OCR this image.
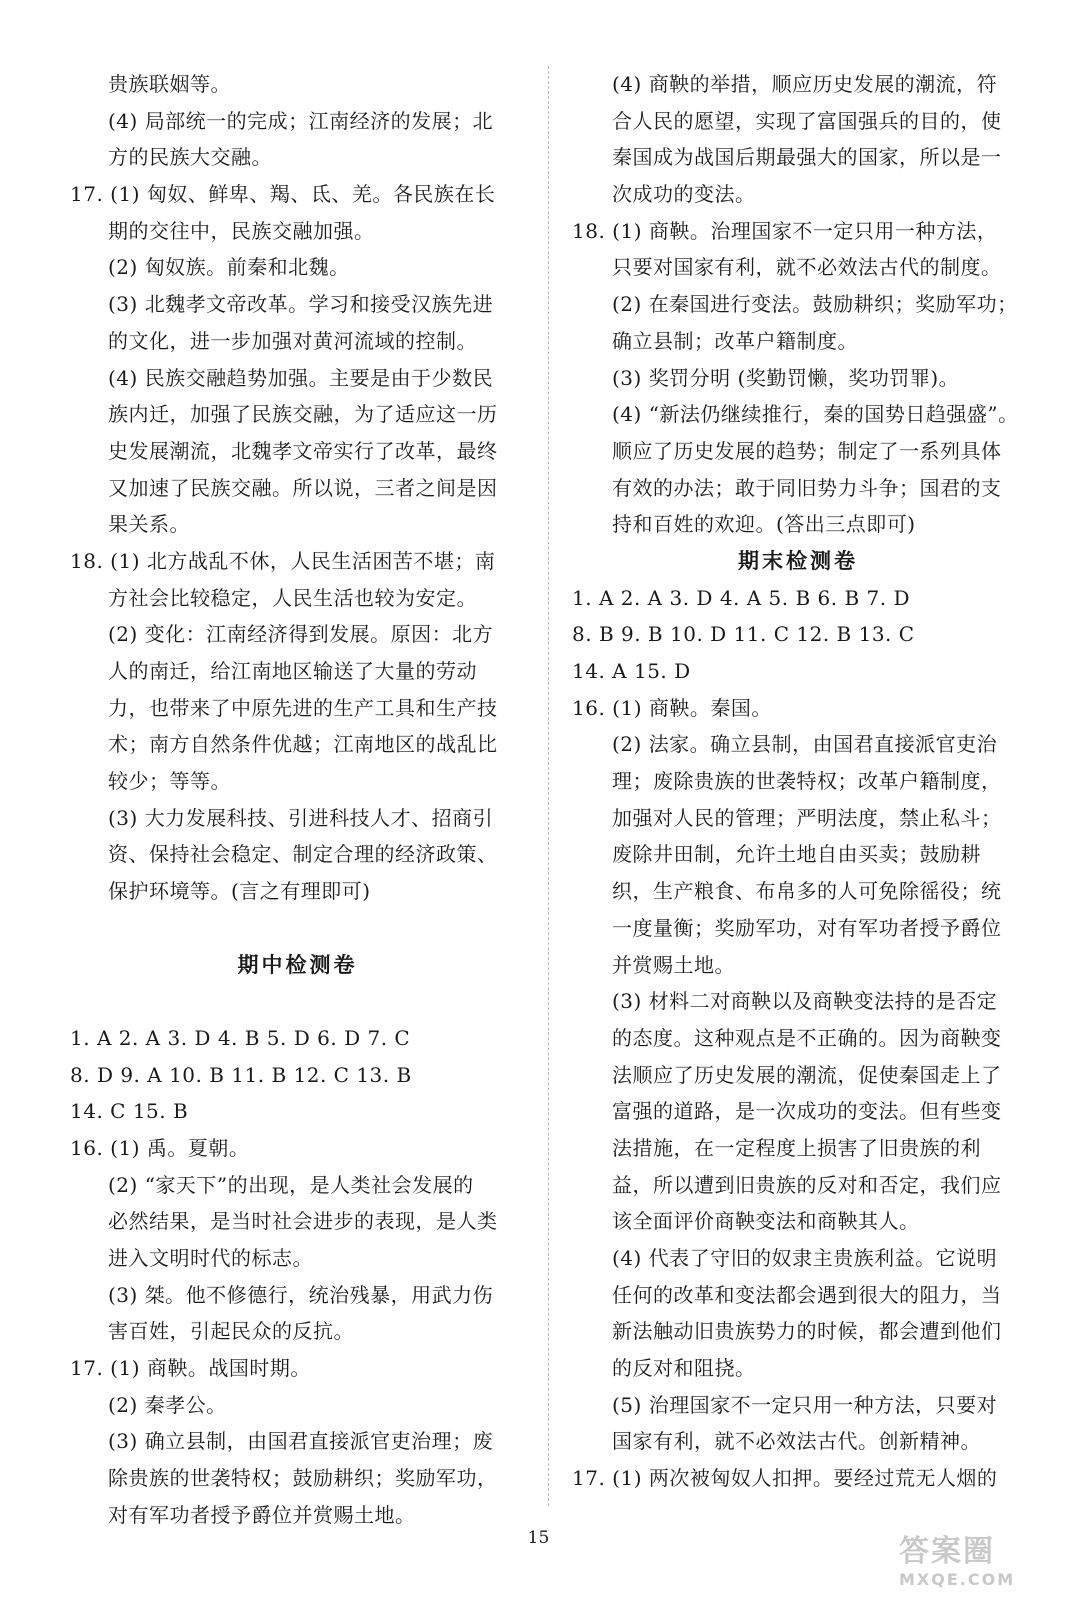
贵族联姻等。
(4) 局部统一的完成；江南经济的发展；北
方的民族大交融。
17. (1) 匈奴、鲜卑、羯、氐、羌。各民族在长
期的交往中，民族交融加强。
(2) 匈奴族。前秦和北魏。
(3) 北魏孝文帝改革。学习和接受汉族先进
的文化，进一步加强对黄河流域的控制。
(4) 民族交融趋势加强。主要是由于少数民
族内迁，加强了民族交融，为了适应这一历
史发展潮流，北魏孝文帝实行了改革，最终
又加速了民族交融。所以说，三者之间是因
果关系。
18. (1) 北方战乱不休，人民生活困苦不堪；南
方社会比较稳定，人民生活也较为安定。
(2) 变化：江南经济得到发展。原因：北方
人的南迁，给江南地区输送了大量的劳动
力，也带来了中原先进的生产工具和生产技
术；南方自然条件优越；江南地区的战乱比
较少；等等。
(3) 大力发展科技、引进科技人才、招商引
资、保持社会稳定、制定合理的经济政策、
保护环境等。(言之有理即可)
期中检测卷
1. A 2. A 3. D 4. B 5. D 6. D 7. C
8. D 9. A 10. B 11. B 12. C 13. B
14. C 15. B
16. (1) 禹。夏朝。
(2) “家天下”的出现，是人类社会发展的
必然结果，是当时社会进步的表现，是人类
进入文明时代的标志。
(3) 桀。他不修德行，统治残暴，用武力伤
害百姓，引起民众的反抗。
17. (1) 商鞅。战国时期。
(2) 秦孝公。
(3) 确立县制，由国君直接派官吏治理；废
除贵族的世袭特权；鼓励耕织；奖励军功，
对有军功者授予爵位并赏赐土地。
(4) 商鞅的举措，顺应历史发展的潮流，符
合人民的愿望，实现了富国强兵的目的，使
秦国成为战国后期最强大的国家，所以是一
次成功的变法。
18. (1) 商鞅。治理国家不一定只用一种方法，
只要对国家有利，就不必效法古代的制度。
(2) 在秦国进行变法。鼓励耕织；奖励军功；
确立县制；改革户籍制度。
(3) 奖罚分明 (奖勤罚懒，奖功罚罪)。
(4) “新法仍继续推行，秦的国势日趋强盛”。
顺应了历史发展的趋势；制定了一系列具体
有效的办法；敢于同旧势力斗争；国君的支
持和百姓的欢迎。(答出三点即可)
期末检测卷
1. A 2. A 3. D 4. A 5. B 6. B 7. D
8. B 9. B 10. D 11. C 12. B 13. C
14. A 15. D
16. (1) 商鞅。秦国。
(2) 法家。确立县制，由国君直接派官吏治
理；废除贵族的世袭特权；改革户籍制度，
加强对人民的管理；严明法度，禁止私斗；
废除井田制，允许土地自由买卖；鼓励耕
织，生产粮食、布帛多的人可免除徭役；统
一度量衡；奖励军功，对有军功者授予爵位
并赏赐土地。
(3) 材料二对商鞅以及商鞅变法持的是否定
的态度。这种观点是不正确的。因为商鞅变
法顺应了历史发展的潮流，促使秦国走上了
富强的道路，是一次成功的变法。但有些变
法措施，在一定程度上损害了旧贵族的利
益，所以遭到旧贵族的反对和否定，我们应
该全面评价商鞅变法和商鞅其人。
(4) 代表了守旧的奴隶主贵族利益。它说明
任何的改革和变法都会遇到很大的阻力，当
新法触动旧贵族势力的时候，都会遭到他们
的反对和阻挠。
(5) 治理国家不一定只用一种方法，只要对
国家有利，就不必效法古代。创新精神。
17. (1) 两次被匈奴人扣押。要经过荒无人烟的
15	答案圈
MXQE.COM
